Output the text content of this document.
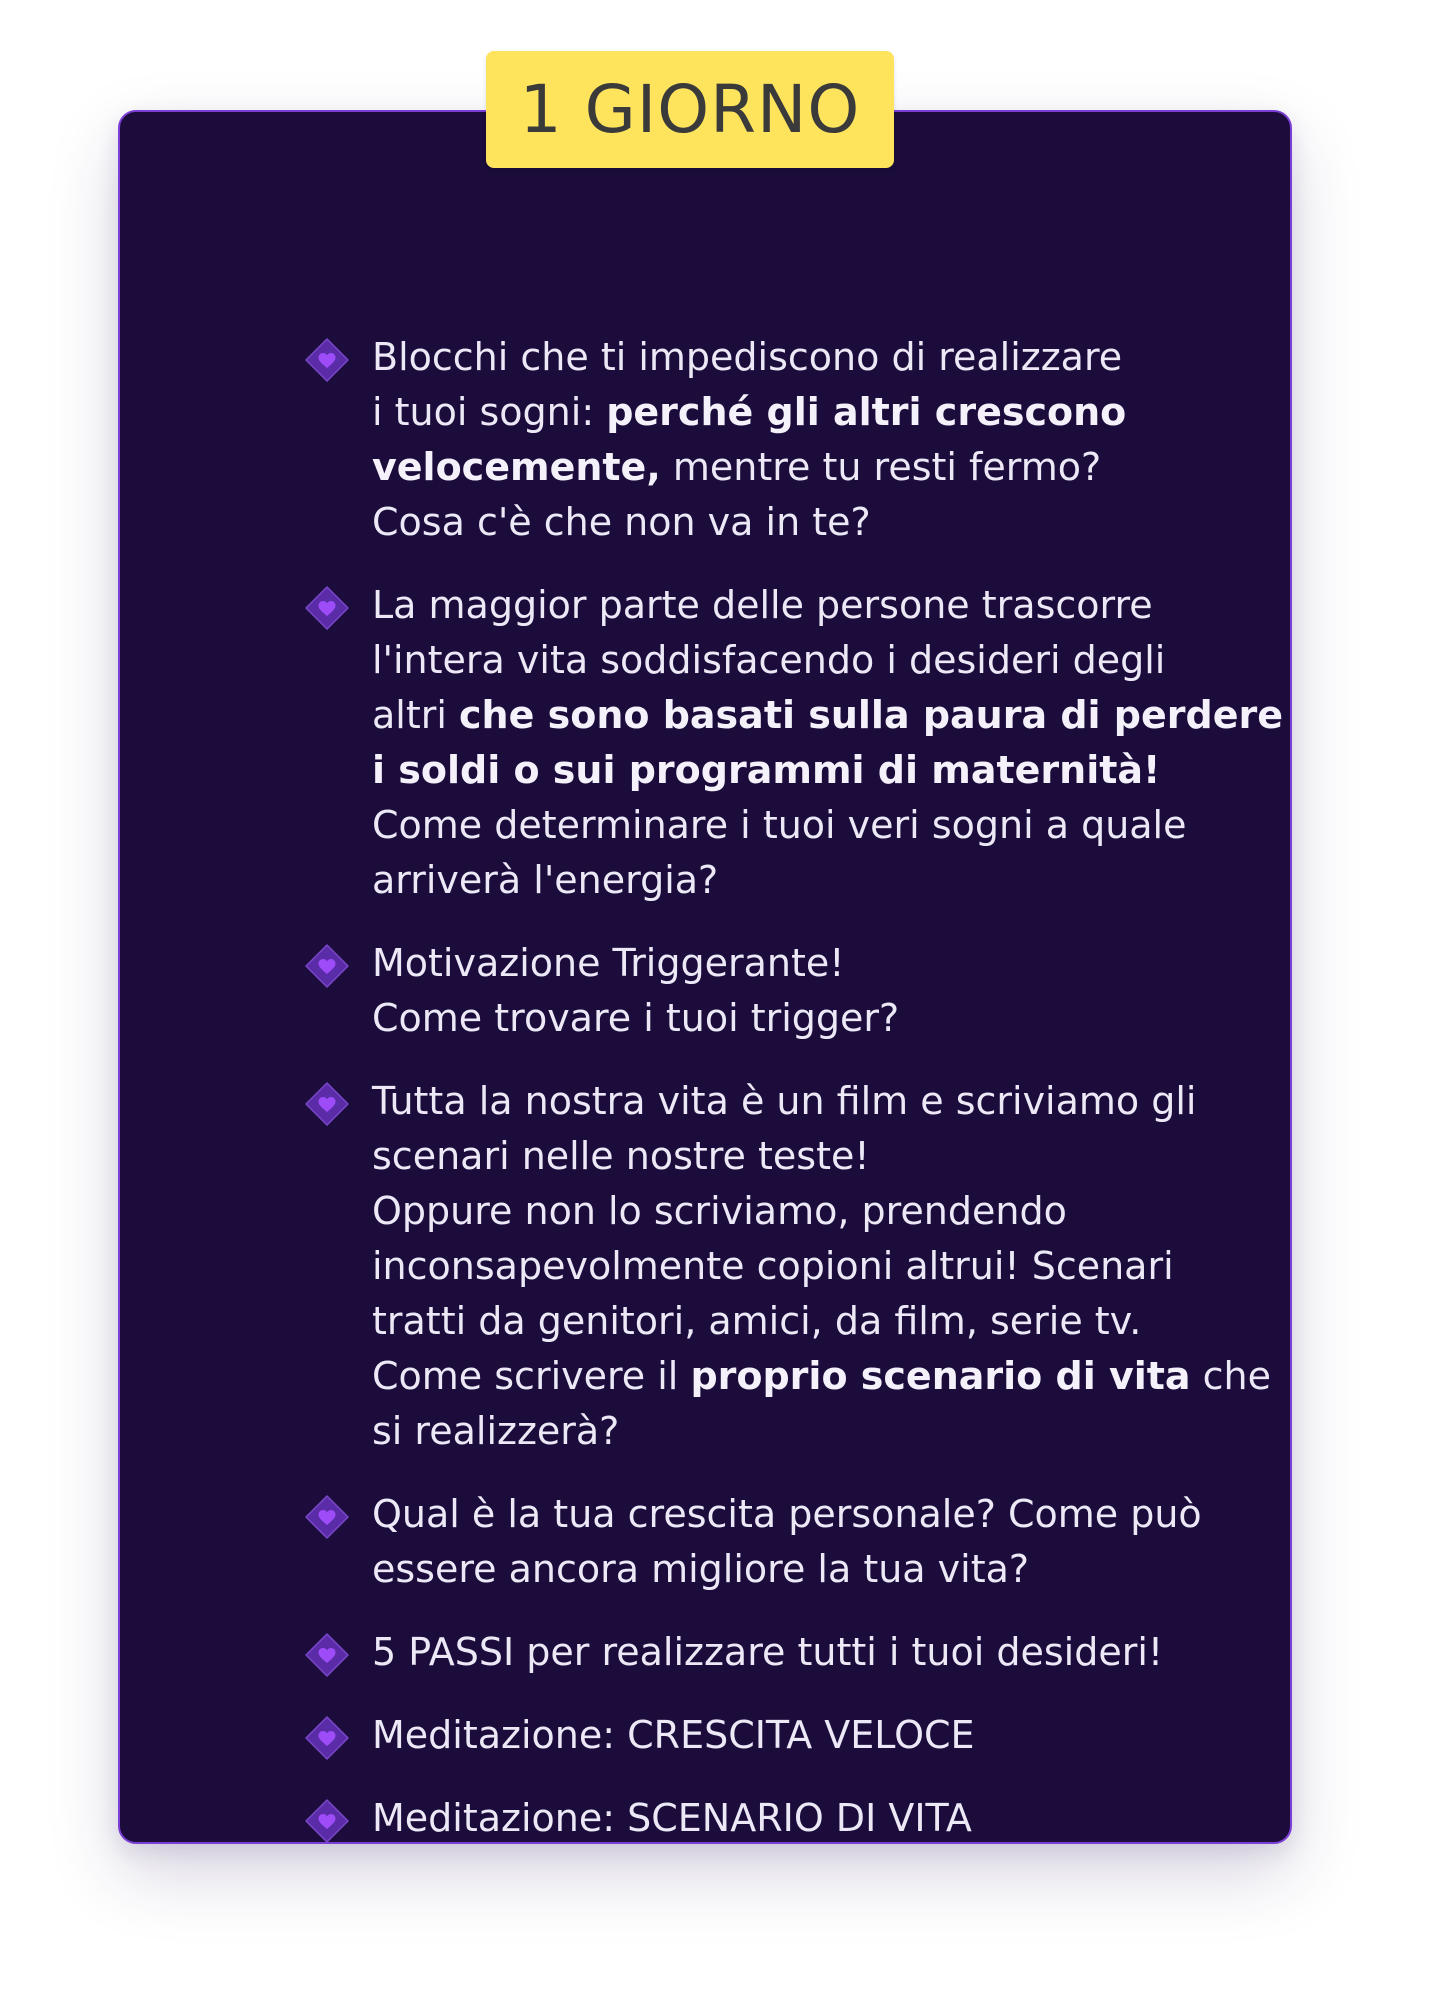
Blocchi che ti impediscono di realizzare
i tuoi sogni: perché gli altri crescono
velocemente, mentre tu resti fermo?
Cosa c'è che non va in te?
La maggior parte delle persone trascorre
l'intera vita soddisfacendo i desideri degli
altri che sono basati sulla paura di perdere
i soldi o sui programmi di maternità!
Come determinare i tuoi veri sogni a quale
arriverà l'energia?
Motivazione Triggerante!
Come trovare i tuoi trigger?
Tutta la nostra vita è un film e scriviamo gli
scenari nelle nostre teste!
Oppure non lo scriviamo, prendendo
inconsapevolmente copioni altrui! Scenari
tratti da genitori, amici, da film, serie tv.
Come scrivere il proprio scenario di vita che
si realizzerà?
Qual è la tua crescita personale? Come può
essere ancora migliore la tua vita?
5 PASSI per realizzare tutti i tuoi desideri!
Meditazione: CRESCITA VELOCE
Meditazione: SCENARIO DI VITA
1 GIORNO
